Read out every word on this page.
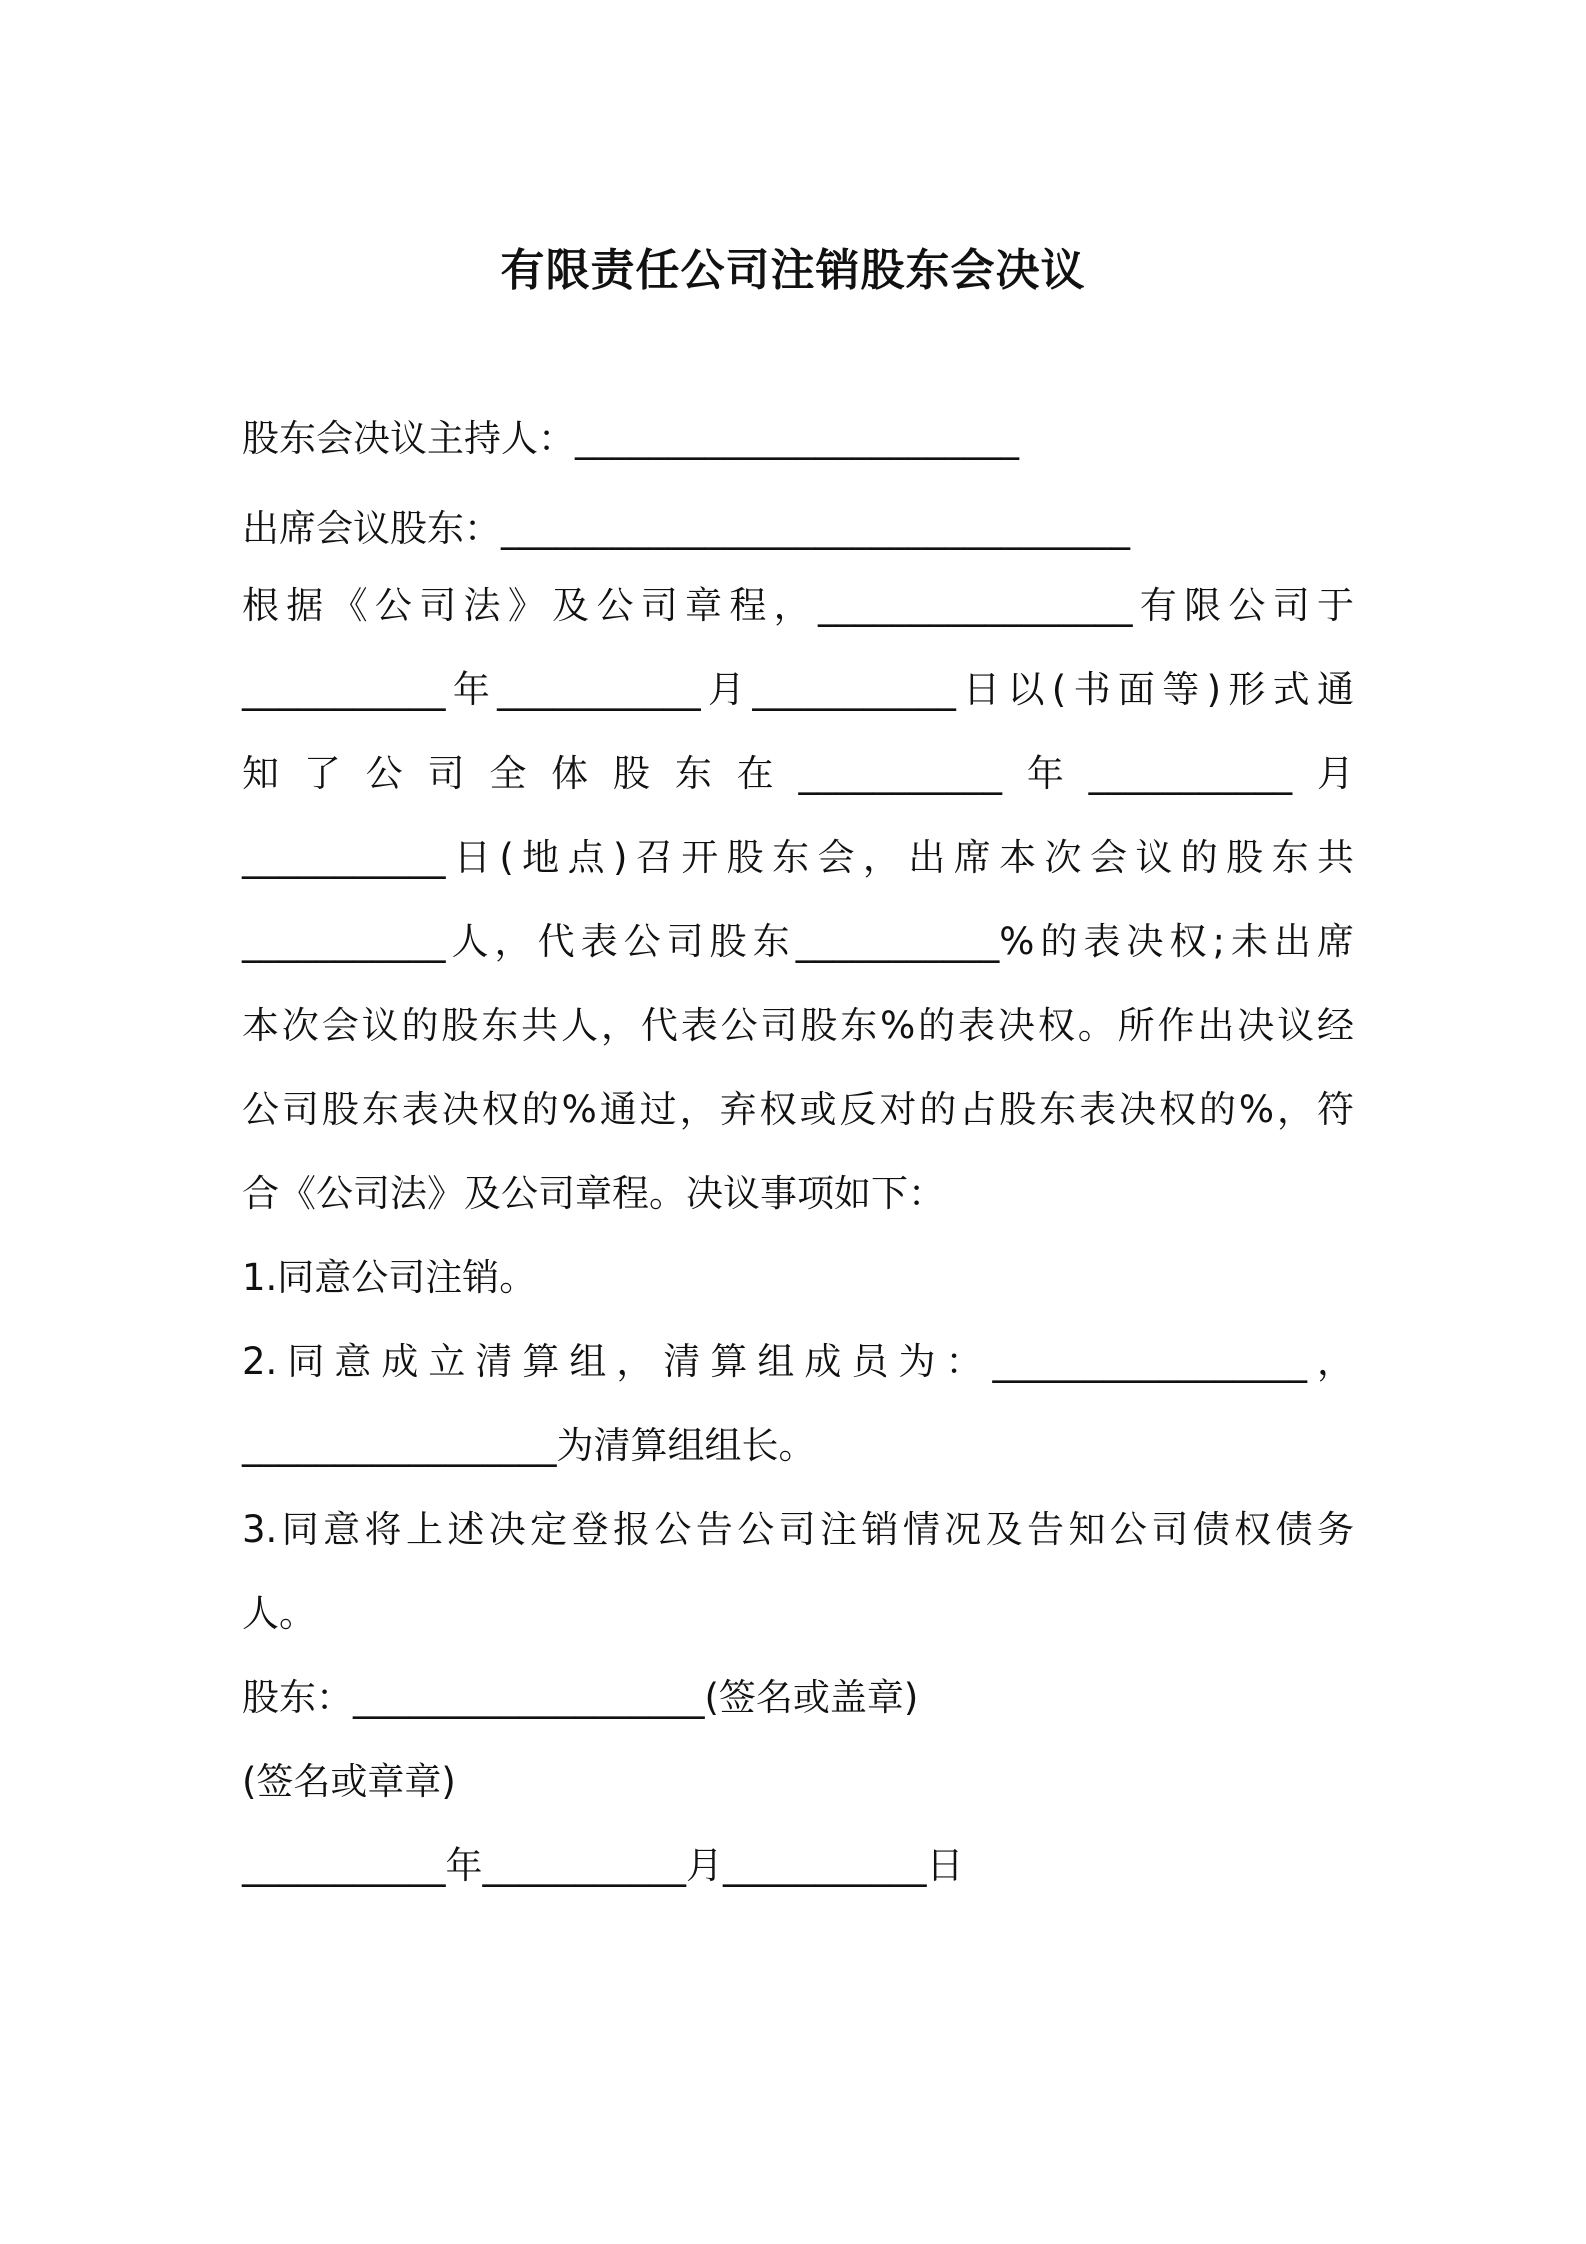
有限责任公司注销股东会决议

股东会决议主持人：________________________

出席会议股东：__________________________________

根据《公司法》及公司章程，_________________有限公司于

___________年___________月___________日以(书面等)形式通

知了公司全体股东在___________年___________月

___________日(地点)召开股东会，出席本次会议的股东共

___________人，代表公司股东___________%的表决权;未出席

本次会议的股东共人，代表公司股东%的表决权。所作出决议经

公司股东表决权的%通过，弃权或反对的占股东表决权的%，符

合《公司法》及公司章程。决议事项如下：

1.同意公司注销。

2.同意成立清算组，清算组成员为：_________________，

_________________为清算组组长。

3.同意将上述决定登报公告公司注销情况及告知公司债权债务

人。

股东：___________________(签名或盖章)

(签名或章章)

___________年___________月___________日
